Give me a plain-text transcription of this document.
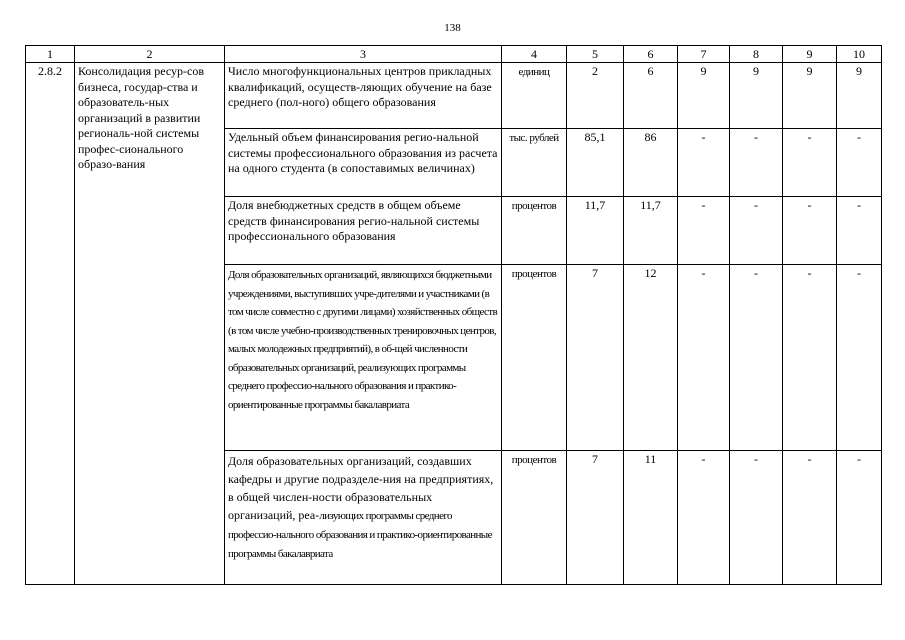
138
1	2	3	4	5	6	7	8	9	10
2.8.2	Консолидация ресур-сов бизнеса, государ-ства и образователь-ных организаций в развитии региональ-ной системы профес-сионального образо-вания	Число многофункциональных центров прикладных квалификаций, осуществ-ляющих обучение на базе среднего (пол-ного) общего образования	единиц	2	6	9	9	9	9
		Удельный объем финансирования регио-нальной системы профессионального образования из расчета на одного студента (в сопоставимых величинах)	тыс. рублей	85,1	86	-	-	-	-
		Доля внебюджетных средств в общем объеме средств финансирования регио-нальной системы профессионального образования	процентов	11,7	11,7	-	-	-	-
		Доля образовательных организаций, являющихся бюджетными учреждениями, выступивших учре-дителями и участниками (в том числе совместно с другими лицами) хозяйственных обществ (в том числе учебно-производственных тренировочных центров, малых молодежных предприятий), в об-щей численности образовательных организаций, реализующих программы среднего профессио-нального образования и практико-ориентированные программы бакалавриата	процентов	7	12	-	-	-	-
		Доля образовательных организаций, создавших кафедры и другие подразделе-ния на предприятиях, в общей числен-ности образовательных организаций, реа-лизующих программы среднего профессио-нального образования и практико-ориентированные программы бакалавриата	процентов	7	11	-	-	-	-
